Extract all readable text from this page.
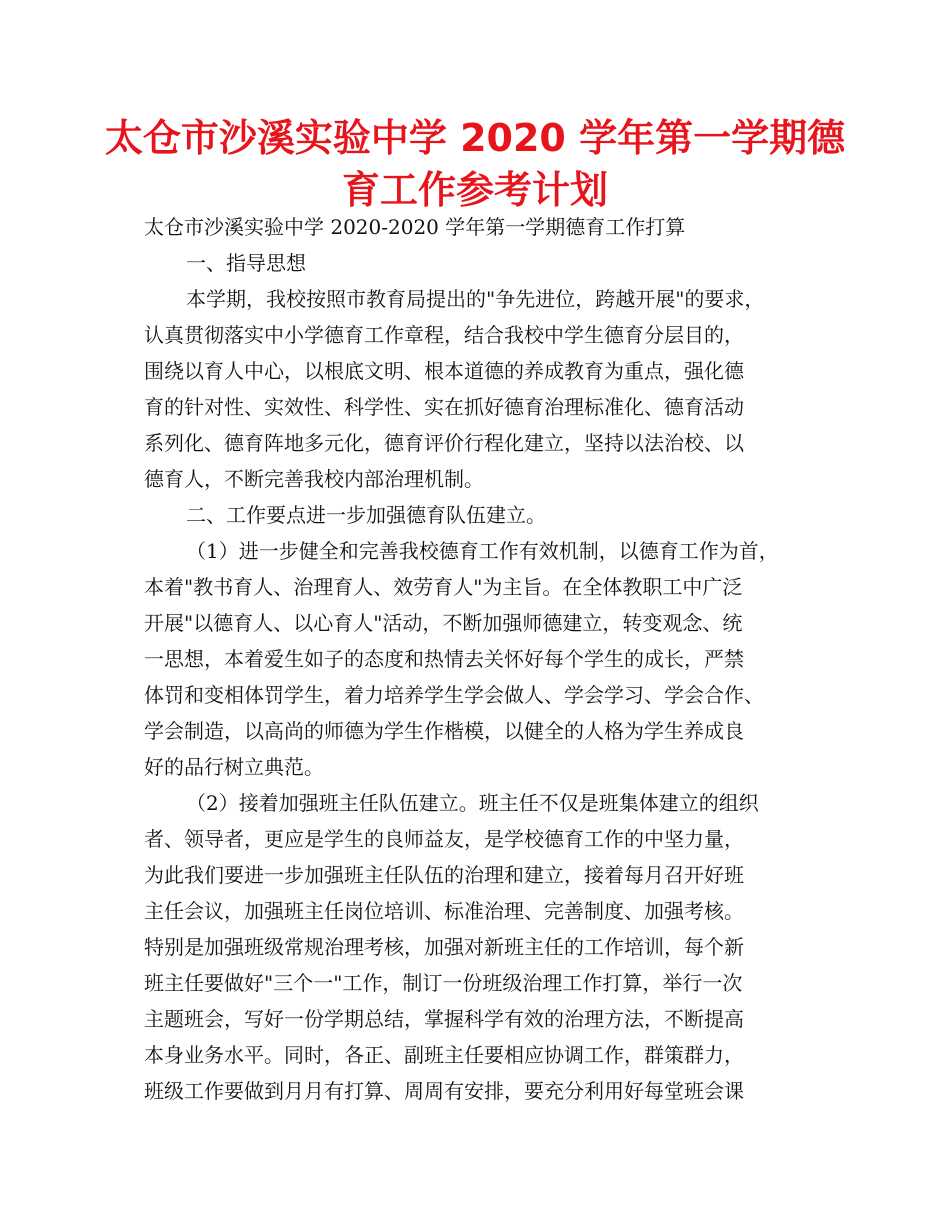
太仓市沙溪实验中学 2020 学年第一学期德
育工作参考计划
太仓市沙溪实验中学 2020-2020 学年第一学期德育工作打算
一、指导思想
本学期，我校按照市教育局提出的"争先进位，跨越开展"的要求，
认真贯彻落实中小学德育工作章程，结合我校中学生德育分层目的，
围绕以育人中心，以根底文明、根本道德的养成教育为重点，强化德
育的针对性、实效性、科学性、实在抓好德育治理标准化、德育活动
系列化、德育阵地多元化，德育评价行程化建立，坚持以法治校、以
德育人，不断完善我校内部治理机制。
二、工作要点进一步加强德育队伍建立。
（1）进一步健全和完善我校德育工作有效机制，以德育工作为首，
本着"教书育人、治理育人、效劳育人"为主旨。在全体教职工中广泛
开展"以德育人、以心育人"活动，不断加强师德建立，转变观念、统
一思想，本着爱生如子的态度和热情去关怀好每个学生的成长，严禁
体罚和变相体罚学生，着力培养学生学会做人、学会学习、学会合作、
学会制造，以高尚的师德为学生作楷模，以健全的人格为学生养成良
好的品行树立典范。
（2）接着加强班主任队伍建立。班主任不仅是班集体建立的组织
者、领导者，更应是学生的良师益友，是学校德育工作的中坚力量，
为此我们要进一步加强班主任队伍的治理和建立，接着每月召开好班
主任会议，加强班主任岗位培训、标准治理、完善制度、加强考核。
特别是加强班级常规治理考核，加强对新班主任的工作培训，每个新
班主任要做好"三个一"工作，制订一份班级治理工作打算，举行一次
主题班会，写好一份学期总结，掌握科学有效的治理方法，不断提高
本身业务水平。同时，各正、副班主任要相应协调工作，群策群力，
班级工作要做到月月有打算、周周有安排，要充分利用好每堂班会课
